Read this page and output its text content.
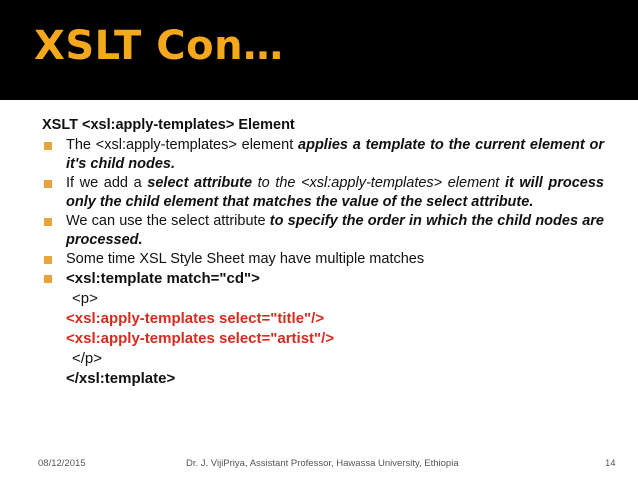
XSLT Con…
XSLT <xsl:apply-templates> Element
The <xsl:apply-templates> element applies a template to the current element or it's child nodes.
If we add a select attribute to the <xsl:apply-templates> element it will process only the child element that matches the value of the select attribute.
We can use the select attribute to specify the order in which the child nodes are processed.
Some time XSL Style Sheet may have multiple matches
<xsl:template match="cd">
<p>
<xsl:apply-templates select="title"/>
<xsl:apply-templates select="artist"/>
</p>
</xsl:template>
08/12/2015	Dr. J. VijiPriya, Assistant Professor, Hawassa University, Ethiopia	14
